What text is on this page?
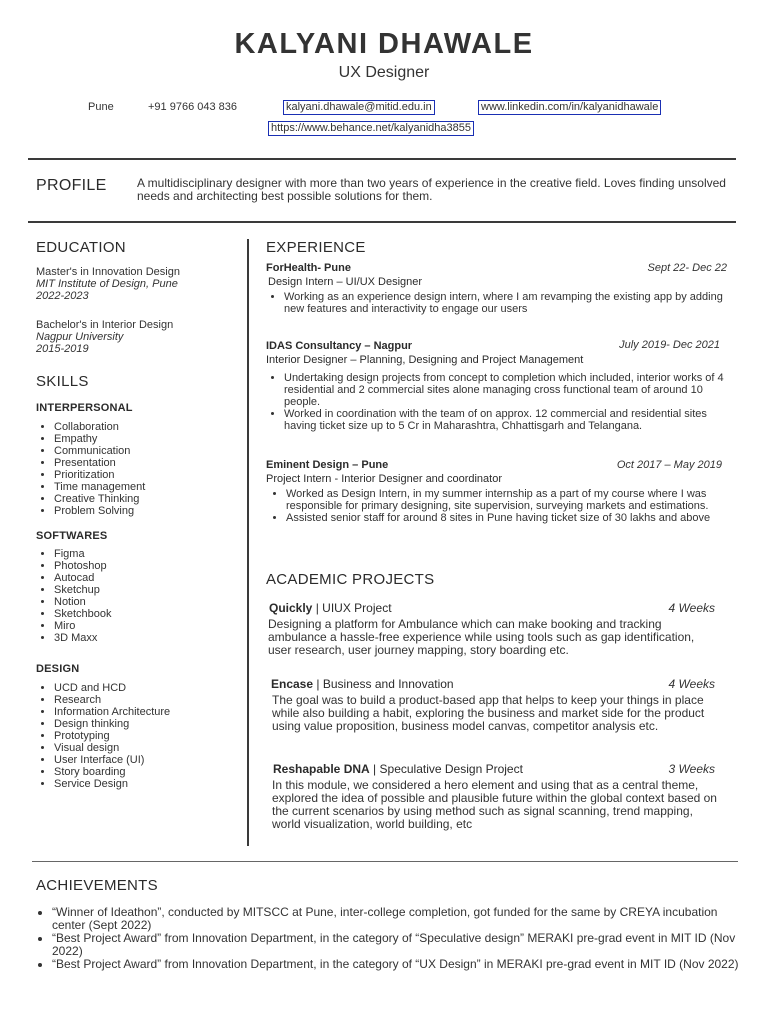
KALYANI DHAWALE
UX Designer
Pune	+91 9766 043 836	kalyani.dhawale@mitid.edu.in	www.linkedin.com/in/kalyanidhawale
https://www.behance.net/kalyanidha3855
PROFILE	A multidisciplinary designer with more than two years of experience in the creative field. Loves finding unsolved needs and architecting best possible solutions for them.
EDUCATION
Master's in Innovation Design
MIT Institute of Design, Pune
2022-2023
Bachelor's in Interior Design
Nagpur University
2015-2019
SKILLS
INTERPERSONAL
• Collaboration
• Empathy
• Communication
• Presentation
• Prioritization
• Time management
• Creative Thinking
• Problem Solving
SOFTWARES
• Figma
• Photoshop
• Autocad
• Sketchup
• Notion
• Sketchbook
• Miro
• 3D Maxx
DESIGN
• UCD and HCD
• Research
• Information Architecture
• Design thinking
• Prototyping
• Visual design
• User Interface (UI)
• Story boarding
• Service Design
EXPERIENCE
ForHealth- Pune	Sept 22- Dec 22
Design Intern – UI/UX Designer
• Working as an experience design intern, where I am revamping the existing app by adding new features and interactivity to engage our users
IDAS Consultancy – Nagpur	July 2019- Dec 2021
Interior Designer – Planning, Designing and Project Management
• Undertaking design projects from concept to completion which included, interior works of 4 residential and 2 commercial sites alone managing cross functional team of around 10 people.
• Worked in coordination with the team of on approx. 12 commercial and residential sites having ticket size up to 5 Cr in Maharashtra, Chhattisgarh and Telangana.
Eminent Design – Pune	Oct 2017 – May 2019
Project Intern - Interior Designer and coordinator
• Worked as Design Intern, in my summer internship as a part of my course where I was responsible for primary designing, site supervision, surveying markets and estimations.
• Assisted senior staff for around 8 sites in Pune having ticket size of 30 lakhs and above
ACADEMIC PROJECTS
Quickly | UIUX Project	4 Weeks
Designing a platform for Ambulance which can make booking and tracking ambulance a hassle-free experience while using tools such as gap identification, user research, user journey mapping, story boarding etc.
Encase | Business and Innovation	4 Weeks
The goal was to build a product-based app that helps to keep your things in place while also building a habit, exploring the business and market side for the product using value proposition, business model canvas, competitor analysis etc.
Reshapable DNA | Speculative Design Project	3 Weeks
In this module, we considered a hero element and using that as a central theme, explored the idea of possible and plausible future within the global context based on the current scenarios by using method such as signal scanning, trend mapping, world visualization, world building, etc
ACHIEVEMENTS
• “Winner of Ideathon”, conducted by MITSCC at Pune, inter-college completion, got funded for the same by CREYA incubation center (Sept 2022)
• “Best Project Award” from Innovation Department, in the category of “Speculative design” MERAKI pre-grad event in MIT ID (Nov 2022)
• “Best Project Award” from Innovation Department, in the category of “UX Design” in MERAKI pre-grad event in MIT ID (Nov 2022)
